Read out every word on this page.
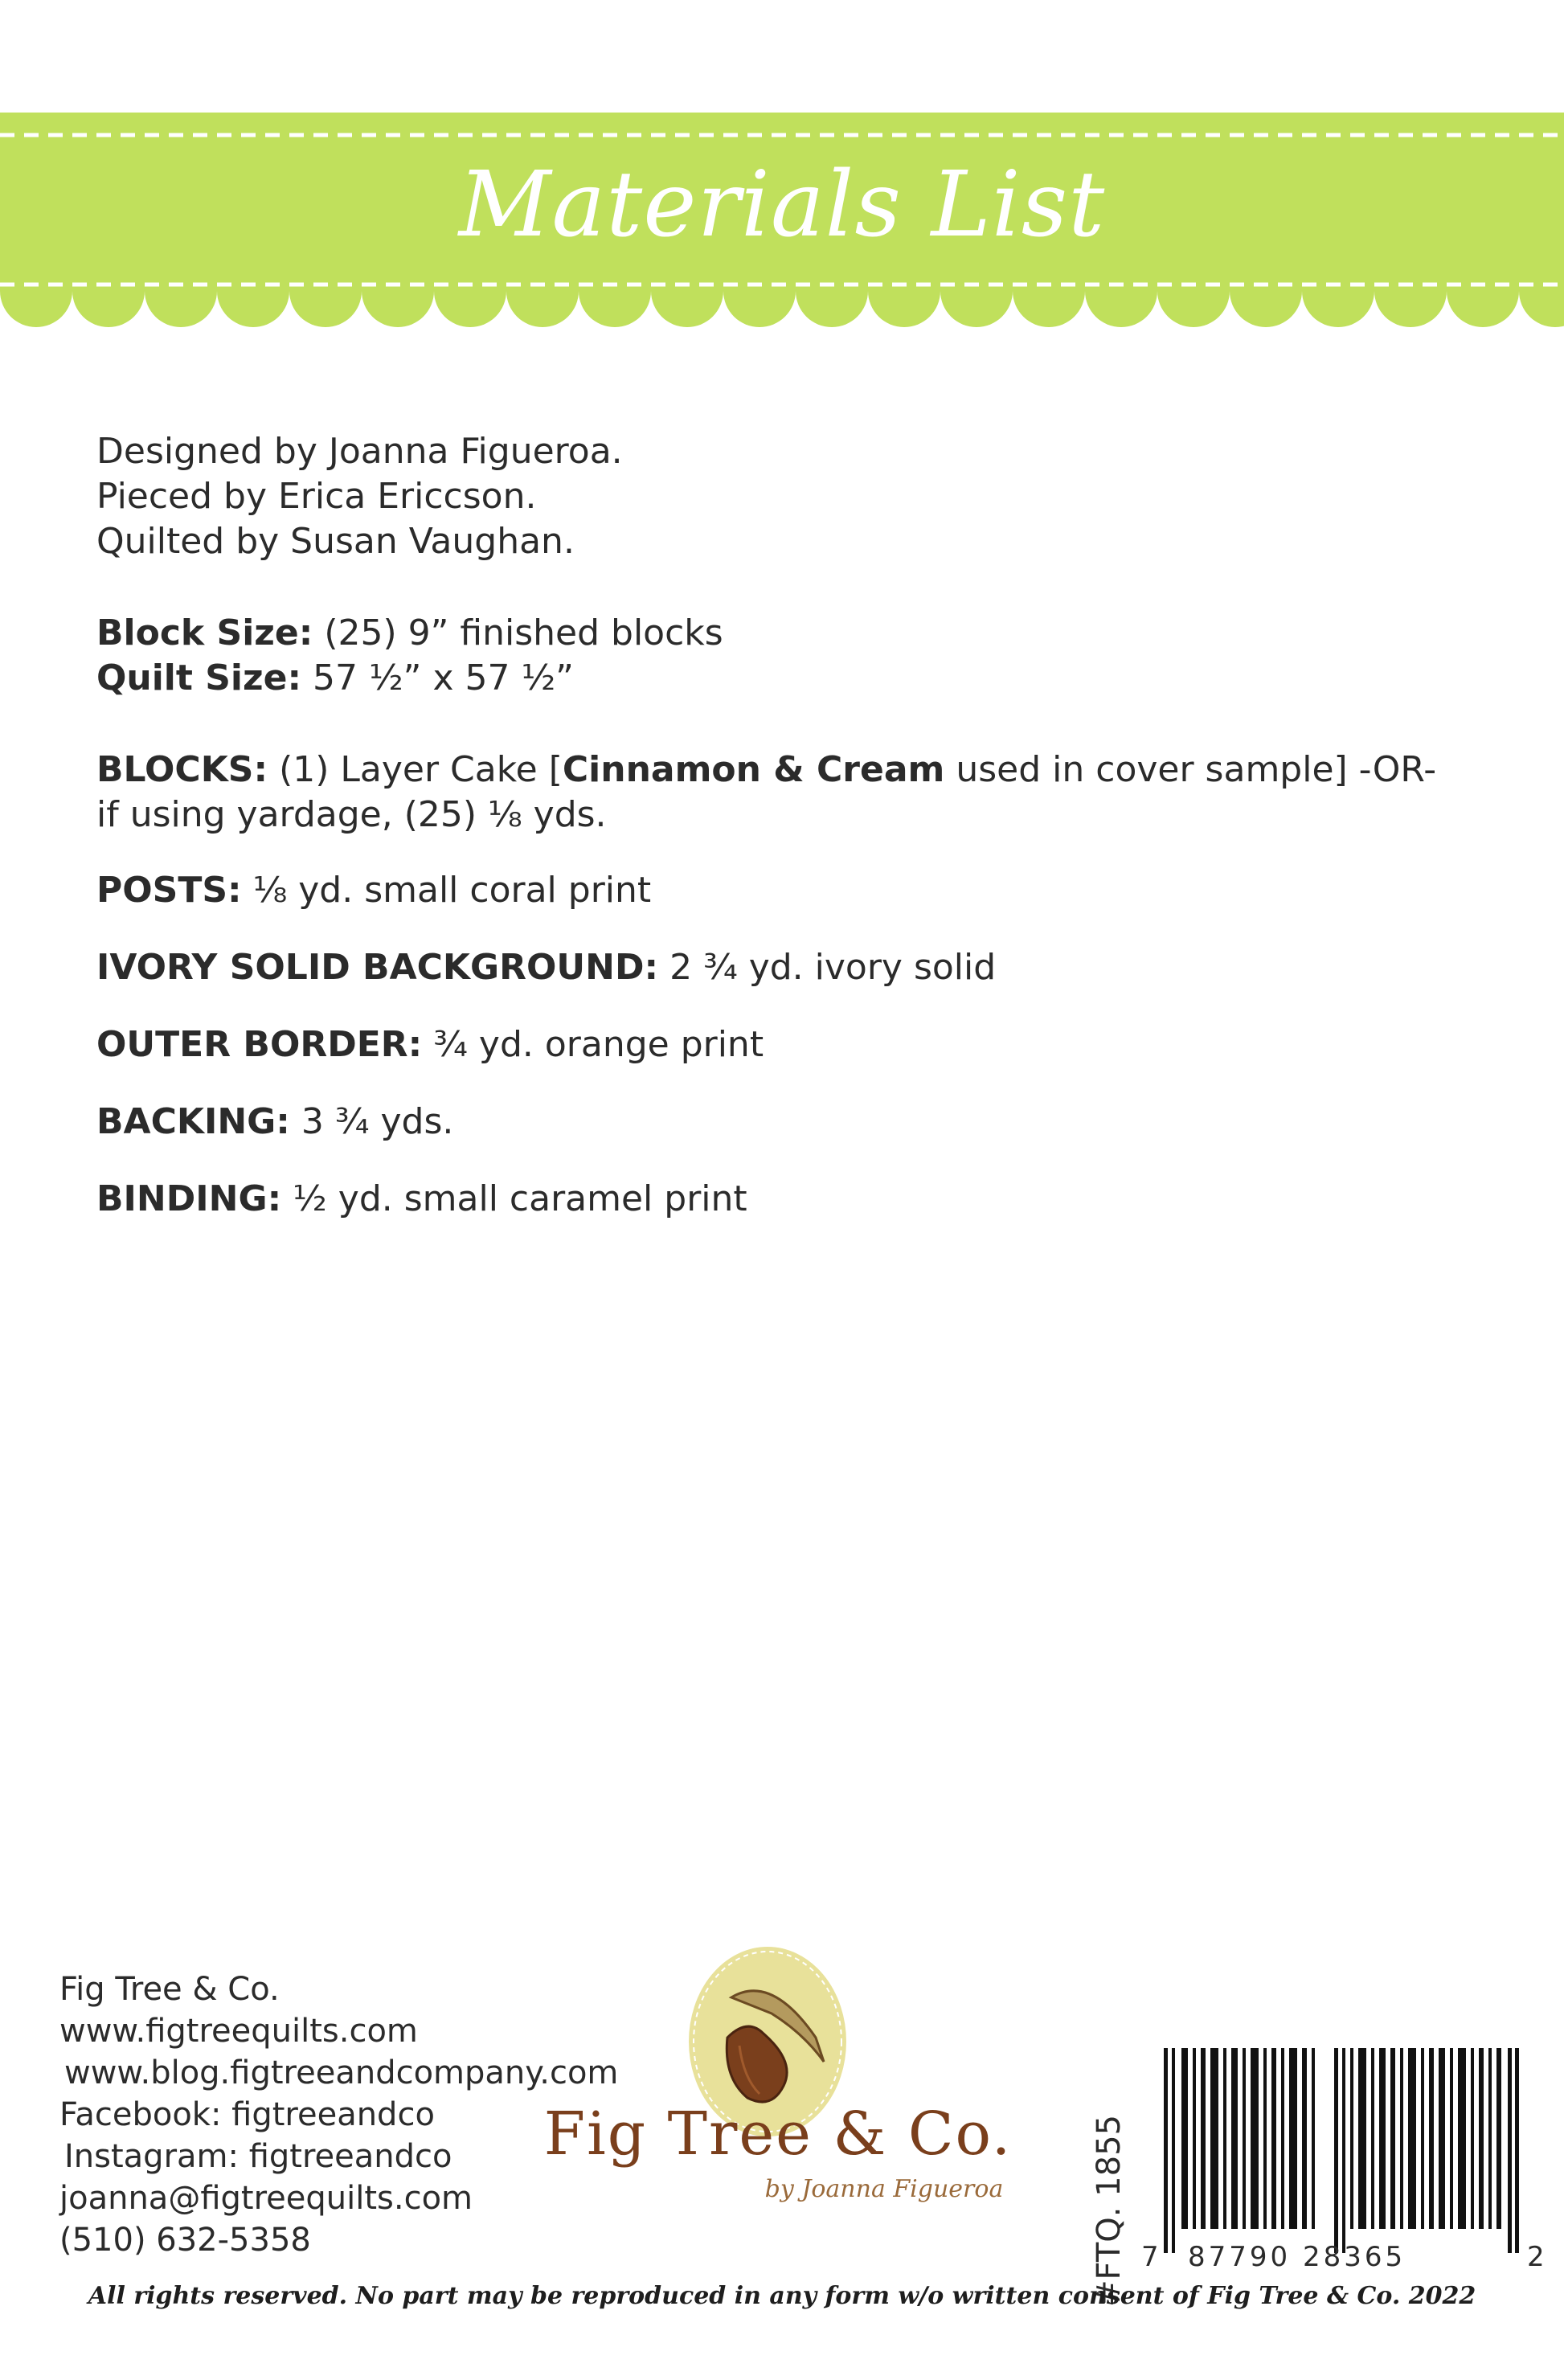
Materials List
Designed by Joanna Figueroa.
Pieced by Erica Ericcson.
Quilted by Susan Vaughan.
Block Size: (25) 9” finished blocks
Quilt Size: 57 ½” x 57 ½”
BLOCKS: (1) Layer Cake [Cinnamon & Cream used in cover sample] -OR-
if using yardage, (25) ⅛ yds.
POSTS: ⅛ yd. small coral print
IVORY SOLID BACKGROUND: 2 ¾ yd. ivory solid
OUTER BORDER: ¾ yd. orange print
BACKING: 3 ¾ yds.
BINDING: ½ yd. small caramel print
Fig Tree & Co.
www.figtreequilts.com
www.blog.figtreeandcompany.com
Facebook: figtreeandco
Instagram: figtreeandco
joanna@figtreequilts.com
(510) 632-5358
Fig Tree & Co.
by Joanna Figueroa	#FTQ. 1855 7 87790 28365	2
All rights reserved. No part may be reproduced in any form w/o written consent of Fig Tree & Co. 2022
